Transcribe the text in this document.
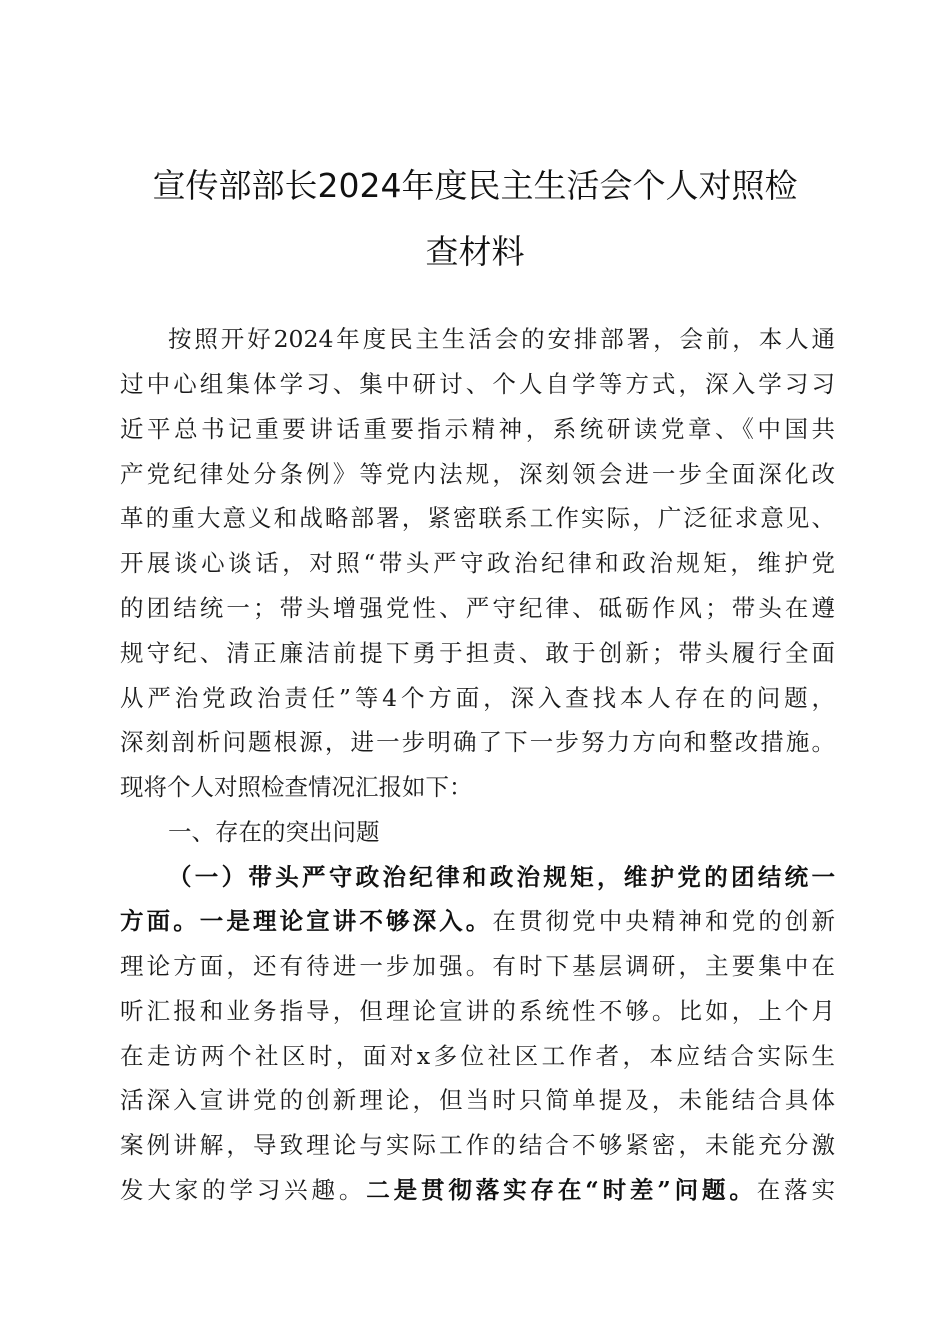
宣传部部长2024年度民主生活会个人对照检
查材料
按照开好2024年度民主生活会的安排部署，会前，本人通
过中心组集体学习、集中研讨、个人自学等方式，深入学习习
近平总书记重要讲话重要指示精神，系统研读党章、《中国共
产党纪律处分条例》等党内法规，深刻领会进一步全面深化改
革的重大意义和战略部署，紧密联系工作实际，广泛征求意见、
开展谈心谈话，对照“带头严守政治纪律和政治规矩，维护党
的团结统一；带头增强党性、严守纪律、砥砺作风；带头在遵
规守纪、清正廉洁前提下勇于担责、敢于创新；带头履行全面
从严治党政治责任”等4个方面，深入查找本人存在的问题，
深刻剖析问题根源，进一步明确了下一步努力方向和整改措施。
现将个人对照检查情况汇报如下：
一、存在的突出问题
（一）带头严守政治纪律和政治规矩，维护党的团结统一
方面。一是理论宣讲不够深入。在贯彻党中央精神和党的创新
理论方面，还有待进一步加强。有时下基层调研，主要集中在
听汇报和业务指导，但理论宣讲的系统性不够。比如，上个月
在走访两个社区时，面对x多位社区工作者，本应结合实际生
活深入宣讲党的创新理论，但当时只简单提及，未能结合具体
案例讲解，导致理论与实际工作的结合不够紧密，未能充分激
发大家的学习兴趣。二是贯彻落实存在“时差”问题。在落实
